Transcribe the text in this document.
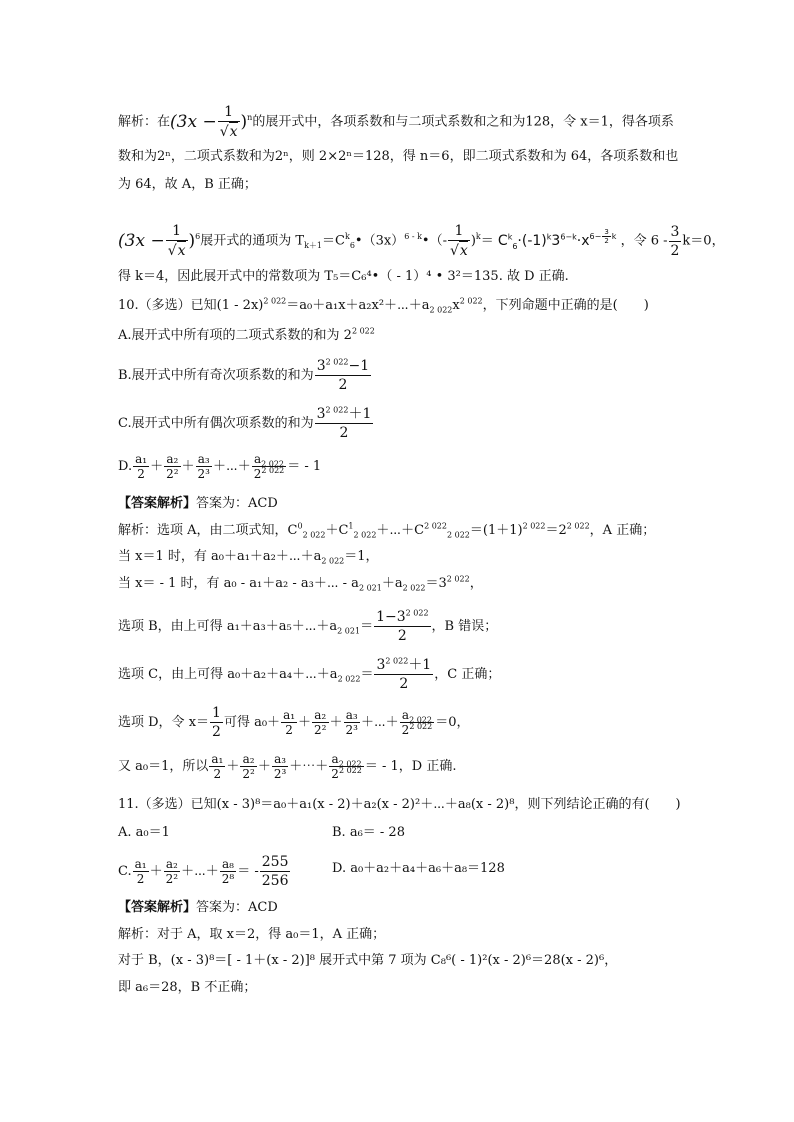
解析：在$(3x - \frac{1}{√x} )^n$的展开式中，各项系数和与二项式系数和之和为128，令 x＝1，得各项系
数和为2ⁿ，二项式系数和为2ⁿ，则 2×2ⁿ＝128，得 n＝6，即二项式系数和为 64，各项系数和也
为 64，故 A，B 正确；
$(3x - \frac{1}{√x} )^6$展开式的通项为 $T_{k+1}=C^k_6•(3x)^{6 - k}•(- \frac{1}{√x} )^k= C^k_6\cdot(-1)^k3^{6-k}\cdot x^{6- \frac{3}{2} k}$ ，令 $6 - \frac{3}{2} k=0$，
得 k＝4，因此展开式中的常数项为 T₅＝C₆⁴•（ - 1）⁴ • 3²＝135. 故 D 正确.
10.（多选）已知$(1 - 2x)^{2 022}=a_0+a_1x+a_2x^2+\cdots+a_{2 022}x^{2 022}$，下列命题中正确的是(　　)
A.展开式中所有项的二项式系数的和为 $2^{2 022}$
B.展开式中所有奇次项系数的和为 $\frac{3^{2 022}-1}{2}$
C.展开式中所有偶次项系数的和为 $\frac{3^{2 022}+1}{2}$
D. $\frac{\text{a₁}}{2} + \frac{\text{a₂}}{\text{2²}} + \frac{\text{a₃}}{\text{2³}}$ ＋⋯＋ $\frac{a_{2 022}}{2^{2 022}}$ ＝ - 1
【答案解析】答案为：ACD
解析：选项 A，由二项式知，$C^0_{2 022}+C^1_{2 022}+\cdots+C^{2 022}_{2 022}=(1+1)^{2 022}=2^{2 022}$，A 正确；
当 x＝1 时，有 $a_0+a_1+a_2+\cdots+a_{2 022}=1$，
当 x＝ - 1 时，有 a₀ - a₁＋a₂ - a₃＋⋯ - $a_{2 021}+a_{2 022}=3^{2 022}$，
选项 B，由上可得 $a_1+a_3+a_5+\cdots+a_{2 021}= \frac{1-3^{2 022}}{2}$ ，B 错误；
选项 C，由上可得 $a_0+a_2+a_4+\cdots+a_{2 022}= \frac{3^{2 022}+1}{2}$ ，C 正确；
选项 D，令 $x= \frac{1}{2}$ 可得 $a_0+ \frac{\text{a₁}}{2} + \frac{\text{a₂}}{\text{2²}} + \frac{\text{a₃}}{\text{2³}}$ ＋⋯＋ $\frac{a_{2 022}}{2^{2 022}} =0$，
又 a₀＝1，所以 $\frac{\text{a₁}}{2} + \frac{\text{a₂}}{\text{2²}} + \frac{\text{a₃}}{\text{2³}}$ ＋⋯＋ $\frac{a_{2 022}}{2^{2 022}}$ ＝ - 1，D 正确.
11.（多选）已知(x - 3)⁸＝a₀＋a₁(x - 2)＋a₂(x - 2)²＋⋯＋a₈(x - 2)⁸，则下列结论正确的有(　　)
A. a₀＝1	B. a₆＝ - 28
C. $\frac{\text{a₁}}{2} + \frac{\text{a₂}}{\text{2²}}$ ＋⋯＋ $\frac{\text{a₈}}{\text{2⁸}}$ ＝ - $\frac{255}{256}$	D. a₀＋a₂＋a₄＋a₆＋a₈＝128
【答案解析】答案为：ACD
解析：对于 A，取 x＝2，得 a₀＝1，A 正确；
对于 B，(x - 3)⁸＝[ - 1＋(x - 2)]⁸ 展开式中第 7 项为 C₈⁶( - 1)²(x - 2)⁶＝28(x - 2)⁶，
即 a₆＝28，B 不正确；
